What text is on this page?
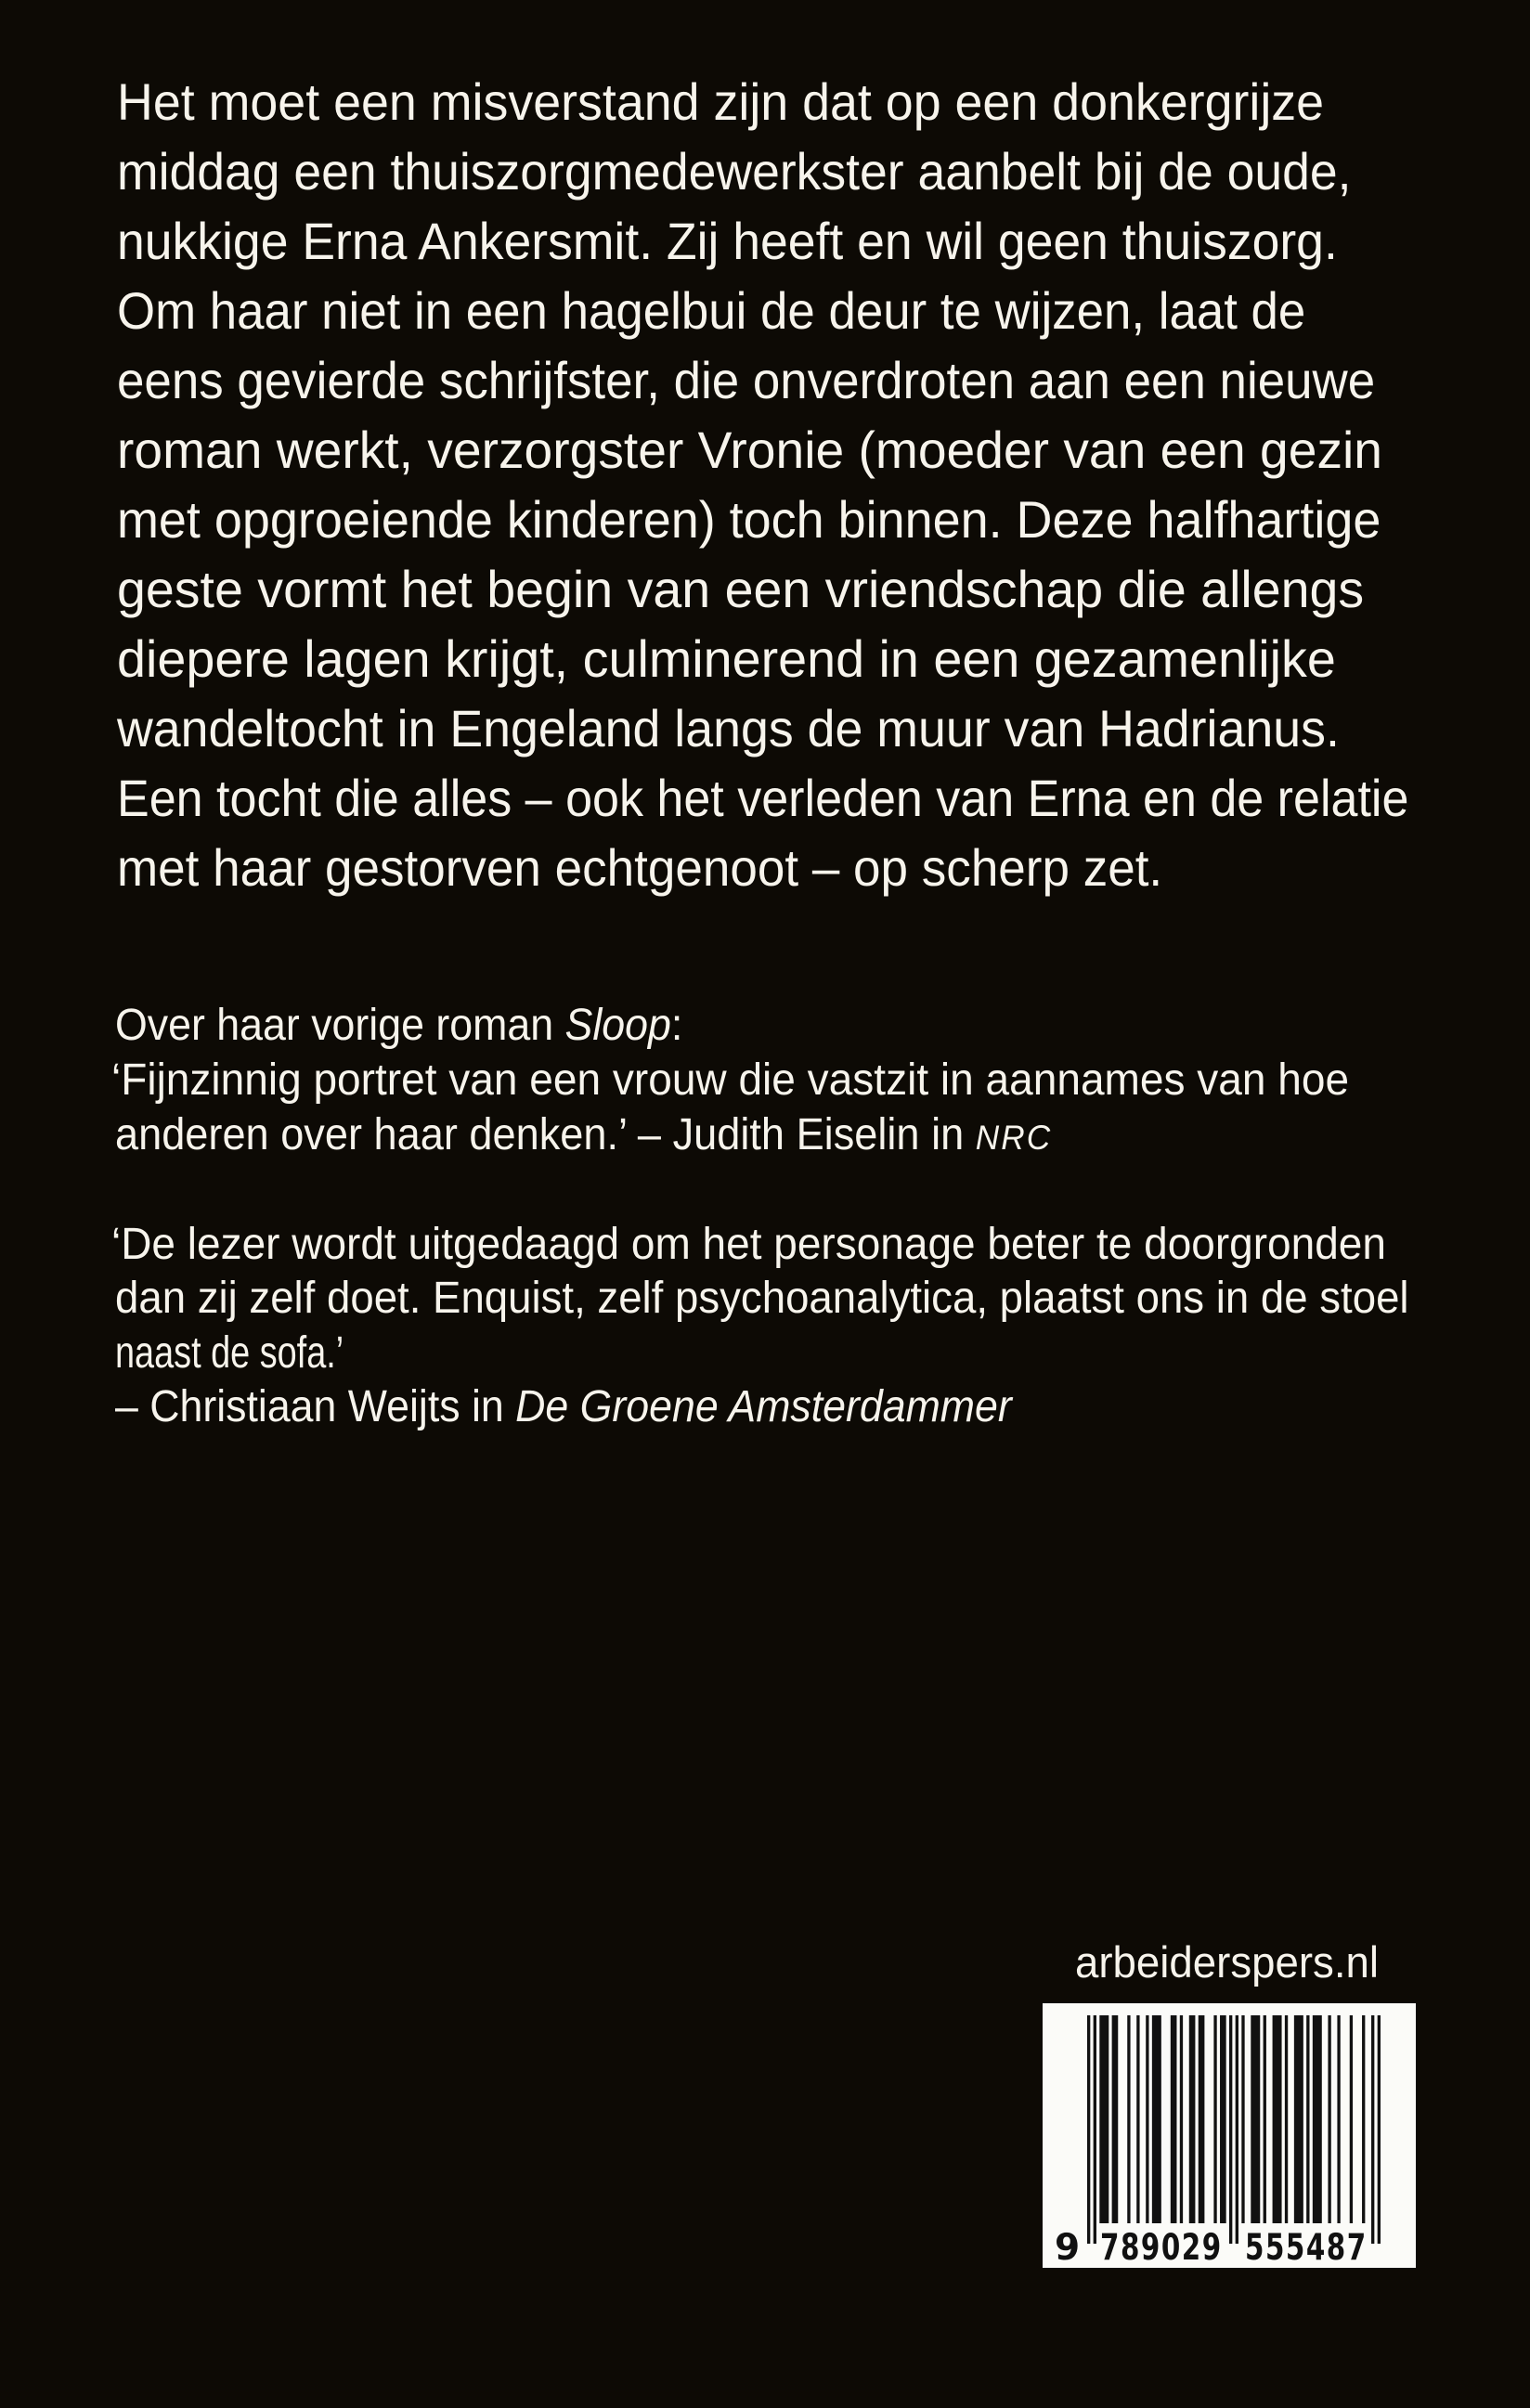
Het moet een misverstand zijn dat op een donkergrijze
middag een thuiszorgmedewerkster aanbelt bij de oude,
nukkige Erna Ankersmit. Zij heeft en wil geen thuiszorg.
Om haar niet in een hagelbui de deur te wijzen, laat de
eens gevierde schrijfster, die onverdroten aan een nieuwe
roman werkt, verzorgster Vronie (moeder van een gezin
met opgroeiende kinderen) toch binnen. Deze halfhartige
geste vormt het begin van een vriendschap die allengs
diepere lagen krijgt, culminerend in een gezamenlijke
wandeltocht in Engeland langs de muur van Hadrianus.
Een tocht die alles – ook het verleden van Erna en de relatie
met haar gestorven echtgenoot – op scherp zet.
Over haar vorige roman Sloop:
‘Fijnzinnig portret van een vrouw die vastzit in aannames van hoe
anderen over haar denken.’ – Judith Eiselin in NRC
‘De lezer wordt uitgedaagd om het personage beter te doorgronden
dan zij zelf doet. Enquist, zelf psychoanalytica, plaatst ons in de stoel
naast de sofa.’
– Christiaan Weijts in De Groene Amsterdammer
arbeiderspers.nl
9 789029 555487
